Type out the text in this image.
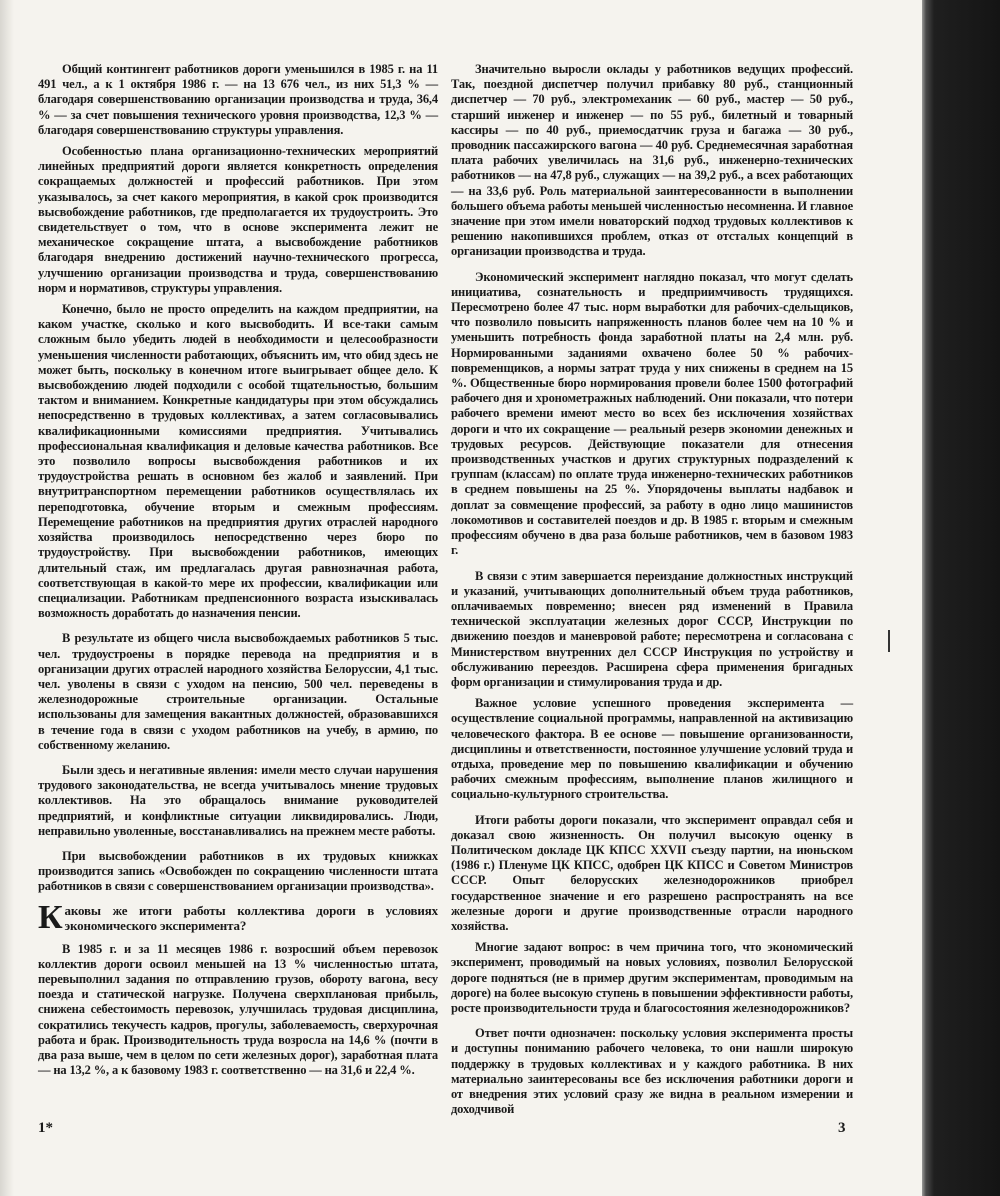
Общий контингент работников дороги уменьшился в 1985 г. на 11 491 чел., а к 1 октября 1986 г. — на 13 676 чел., из них 51,3 % — благодаря совершенствованию организации производства и труда, 36,4 % — за счет повышения технического уровня производства, 12,3 % — благодаря совершенствованию структуры управления.

Особенностью плана организационно-технических мероприятий линейных предприятий дороги является конкретность определения сокращаемых должностей и профессий работников. При этом указывалось, за счет какого мероприятия, в какой срок производится высвобождение работников, где предполагается их трудоустроить. Это свидетельствует о том, что в основе эксперимента лежит не механическое сокращение штата, а высвобождение работников благодаря внедрению достижений научно-технического прогресса, улучшению организации производства и труда, совершенствованию норм и нормативов, структуры управления.

Конечно, было не просто определить на каждом предприятии, на каком участке, сколько и кого высвободить. И все-таки самым сложным было убедить людей в необходимости и целесообразности уменьшения численности работающих, объяснить им, что обид здесь не может быть, поскольку в конечном итоге выигрывает общее дело. К высвобождению людей подходили с особой тщательностью, большим тактом и вниманием. Конкретные кандидатуры при этом обсуждались непосредственно в трудовых коллективах, а затем согласовывались квалификационными комиссиями предприятия. Учитывались профессиональная квалификация и деловые качества работников. Все это позволило вопросы высвобождения работников и их трудоустройства решать в основном без жалоб и заявлений. При внутритранспортном перемещении работников осуществлялась их переподготовка, обучение вторым и смежным профессиям. Перемещение работников на предприятия других отраслей народного хозяйства производилось непосредственно через бюро по трудоустройству. При высвобождении работников, имеющих длительный стаж, им предлагалась другая равнозначная работа, соответствующая в какой-то мере их профессии, квалификации или специализации. Работникам предпенсионного возраста изыскивалась возможность доработать до назначения пенсии.

В результате из общего числа высвобождаемых работников 5 тыс. чел. трудоустроены в порядке перевода на предприятия и в организации других отраслей народного хозяйства Белоруссии, 4,1 тыс. чел. уволены в связи с уходом на пенсию, 500 чел. переведены в железнодорожные строительные организации. Остальные использованы для замещения вакантных должностей, образовавшихся в течение года в связи с уходом работников на учебу, в армию, по собственному желанию.

Были здесь и негативные явления: имели место случаи нарушения трудового законодательства, не всегда учитывалось мнение трудовых коллективов. На это обращалось внимание руководителей предприятий, и конфликтные ситуации ликвидировались. Люди, неправильно уволенные, восстанавливались на прежнем месте работы.

При высвобождении работников в их трудовых книжках производится запись «Освобожден по сокращению численности штата работников в связи с совершенствованием организации производства».

Каковы же итоги работы коллектива дороги в условиях экономического эксперимента?

В 1985 г. и за 11 месяцев 1986 г. возросший объем перевозок коллектив дороги освоил меньшей на 13 % численностью штата, перевыполнил задания по отправлению грузов, обороту вагона, весу поезда и статической нагрузке. Получена сверхплановая прибыль, снижена себестоимость перевозок, улучшилась трудовая дисциплина, сократились текучесть кадров, прогулы, заболеваемость, сверхурочная работа и брак. Производительность труда возросла на 14,6 % (почти в два раза выше, чем в целом по сети железных дорог), заработная плата — на 13,2 %, а к базовому 1983 г. соответственно — на 31,6 и 22,4 %.

Значительно выросли оклады у работников ведущих профессий. Так, поездной диспетчер получил прибавку 80 руб., станционный диспетчер — 70 руб., электромеханик — 60 руб., мастер — 50 руб., старший инженер и инженер — по 55 руб., билетный и товарный кассиры — по 40 руб., приемосдатчик груза и багажа — 30 руб., проводник пассажирского вагона — 40 руб. Среднемесячная заработная плата рабочих увеличилась на 31,6 руб., инженерно-технических работников — на 47,8 руб., служащих — на 39,2 руб., а всех работающих — на 33,6 руб. Роль материальной заинтересованности в выполнении большего объема работы меньшей численностью несомненна. И главное значение при этом имели новаторский подход трудовых коллективов к решению накопившихся проблем, отказ от отсталых концепций в организации производства и труда.

Экономический эксперимент наглядно показал, что могут сделать инициатива, сознательность и предприимчивость трудящихся. Пересмотрено более 47 тыс. норм выработки для рабочих-сдельщиков, что позволило повысить напряженность планов более чем на 10 % и уменьшить потребность фонда заработной платы на 2,4 млн. руб. Нормированными заданиями охвачено более 50 % рабочих-повременщиков, а нормы затрат труда у них снижены в среднем на 15 %. Общественные бюро нормирования провели более 1500 фотографий рабочего дня и хронометражных наблюдений. Они показали, что потери рабочего времени имеют место во всех без исключения хозяйствах дороги и что их сокращение — реальный резерв экономии денежных и трудовых ресурсов. Действующие показатели для отнесения производственных участков и других структурных подразделений к группам (классам) по оплате труда инженерно-технических работников в среднем повышены на 25 %. Упорядочены выплаты надбавок и доплат за совмещение профессий, за работу в одно лицо машинистов локомотивов и составителей поездов и др. В 1985 г. вторым и смежным профессиям обучено в два раза больше работников, чем в базовом 1983 г.

В связи с этим завершается переиздание должностных инструкций и указаний, учитывающих дополнительный объем труда работников, оплачиваемых повременно; внесен ряд изменений в Правила технической эксплуатации железных дорог СССР, Инструкции по движению поездов и маневровой работе; пересмотрена и согласована с Министерством внутренних дел СССР Инструкция по устройству и обслуживанию переездов. Расширена сфера применения бригадных форм организации и стимулирования труда и др.

Важное условие успешного проведения эксперимента — осуществление социальной программы, направленной на активизацию человеческого фактора. В ее основе — повышение организованности, дисциплины и ответственности, постоянное улучшение условий труда и отдыха, проведение мер по повышению квалификации и обучению рабочих смежным профессиям, выполнение планов жилищного и социально-культурного строительства.

Итоги работы дороги показали, что эксперимент оправдал себя и доказал свою жизненность. Он получил высокую оценку в Политическом докладе ЦК КПСС XXVII съезду партии, на июньском (1986 г.) Пленуме ЦК КПСС, одобрен ЦК КПСС и Советом Министров СССР. Опыт белорусских железнодорожников приобрел государственное значение и его разрешено распространять на все железные дороги и другие производственные отрасли народного хозяйства.

Многие задают вопрос: в чем причина того, что экономический эксперимент, проводимый на новых условиях, позволил Белорусской дороге подняться (не в пример другим экспериментам, проводимым на дороге) на более высокую ступень в повышении эффективности работы, росте производительности труда и благосостояния железнодорожников?

Ответ почти однозначен: поскольку условия эксперимента просты и доступны пониманию рабочего человека, то они нашли широкую поддержку в трудовых коллективах и у каждого работника. В них материально заинтересованы все без исключения работники дороги и от внедрения этих условий сразу же видна в реальном измерении и доходчивой

1*	3
